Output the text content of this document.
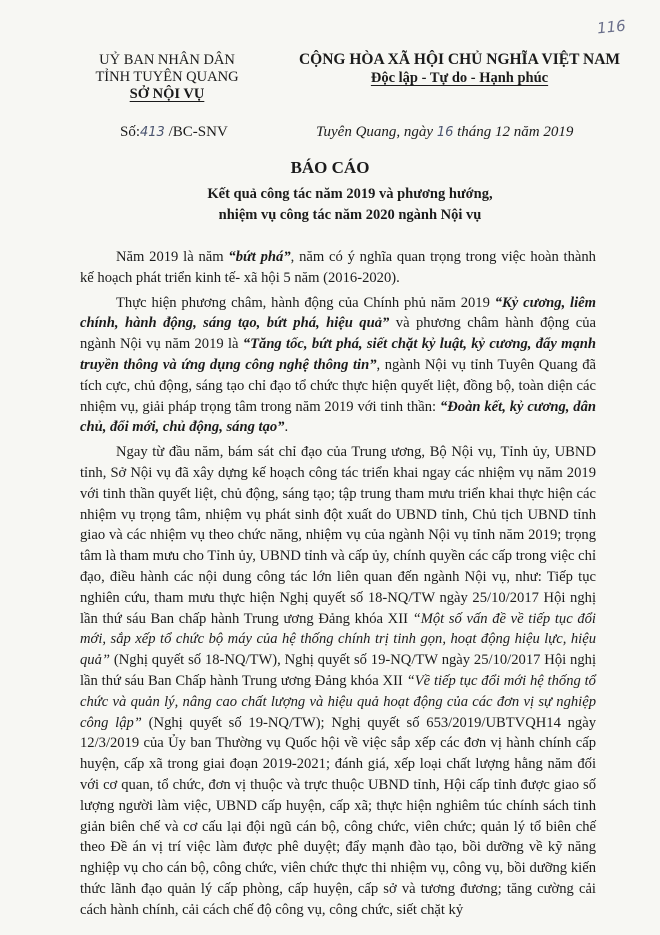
116
UỶ BAN NHÂN DÂN
TỈNH TUYÊN QUANG
SỞ NỘI VỤ
CỘNG HÒA XÃ HỘI CHỦ NGHĨA VIỆT NAM
Độc lập - Tự do - Hạnh phúc
Số:413 /BC-SNV	Tuyên Quang, ngày 16 tháng 12 năm 2019
BÁO CÁO
Kết quả công tác năm 2019 và phương hướng,
nhiệm vụ công tác năm 2020 ngành Nội vụ

Năm 2019 là năm “bứt phá”, năm có ý nghĩa quan trọng trong việc hoàn thành kế hoạch phát triển kinh tế- xã hội 5 năm (2016-2020).

Thực hiện phương châm, hành động của Chính phủ năm 2019 “Kỷ cương, liêm chính, hành động, sáng tạo, bứt phá, hiệu quả” và phương châm hành động của ngành Nội vụ năm 2019 là “Tăng tốc, bứt phá, siết chặt kỷ luật, kỷ cương, đẩy mạnh truyền thông và ứng dụng công nghệ thông tin”, ngành Nội vụ tỉnh Tuyên Quang đã tích cực, chủ động, sáng tạo chỉ đạo tổ chức thực hiện quyết liệt, đồng bộ, toàn diện các nhiệm vụ, giải pháp trọng tâm trong năm 2019 với tinh thần: “Đoàn kết, kỷ cương, dân chủ, đổi mới, chủ động, sáng tạo”.

Ngay từ đầu năm, bám sát chỉ đạo của Trung ương, Bộ Nội vụ, Tỉnh ủy, UBND tỉnh, Sở Nội vụ đã xây dựng kế hoạch công tác triển khai ngay các nhiệm vụ năm 2019 với tinh thần quyết liệt, chủ động, sáng tạo; tập trung tham mưu triển khai thực hiện các nhiệm vụ trọng tâm, nhiệm vụ phát sinh đột xuất do UBND tỉnh, Chủ tịch UBND tỉnh giao và các nhiệm vụ theo chức năng, nhiệm vụ của ngành Nội vụ tỉnh năm 2019; trọng tâm là tham mưu cho Tỉnh ủy, UBND tỉnh và cấp ủy, chính quyền các cấp trong việc chỉ đạo, điều hành các nội dung công tác lớn liên quan đến ngành Nội vụ, như: Tiếp tục nghiên cứu, tham mưu thực hiện Nghị quyết số 18-NQ/TW ngày 25/10/2017 Hội nghị lần thứ sáu Ban chấp hành Trung ương Đảng khóa XII “Một số vấn đề về tiếp tục đổi mới, sắp xếp tổ chức bộ máy của hệ thống chính trị tinh gọn, hoạt động hiệu lực, hiệu quả” (Nghị quyết số 18-NQ/TW), Nghị quyết số 19-NQ/TW ngày 25/10/2017 Hội nghị lần thứ sáu Ban Chấp hành Trung ương Đảng khóa XII “Về tiếp tục đổi mới hệ thống tổ chức và quản lý, nâng cao chất lượng và hiệu quả hoạt động của các đơn vị sự nghiệp công lập” (Nghị quyết số 19-NQ/TW); Nghị quyết số 653/2019/UBTVQH14 ngày 12/3/2019 của Ủy ban Thường vụ Quốc hội về việc sắp xếp các đơn vị hành chính cấp huyện, cấp xã trong giai đoạn 2019-2021; đánh giá, xếp loại chất lượng hằng năm đối với cơ quan, tổ chức, đơn vị thuộc và trực thuộc UBND tỉnh, Hội cấp tỉnh được giao số lượng người làm việc, UBND cấp huyện, cấp xã; thực hiện nghiêm túc chính sách tinh giản biên chế và cơ cấu lại đội ngũ cán bộ, công chức, viên chức; quản lý tổ biên chế theo Đề án vị trí việc làm được phê duyệt; đẩy mạnh đào tạo, bồi dưỡng về kỹ năng nghiệp vụ cho cán bộ, công chức, viên chức thực thi nhiệm vụ, công vụ, bồi dưỡng kiến thức lãnh đạo quản lý cấp phòng, cấp huyện, cấp sở và tương đương; tăng cường cải cách hành chính, cải cách chế độ công vụ, công chức, siết chặt kỷ
